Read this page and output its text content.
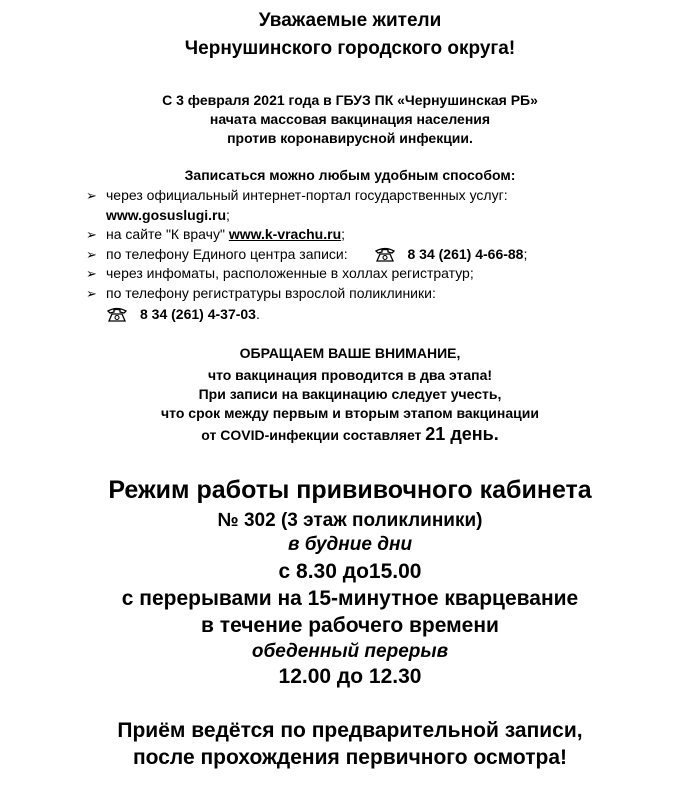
Уважаемые жители
Чернушинского городского округа!
С 3 февраля 2021 года в ГБУЗ ПК «Чернушинская РБ»
начата массовая вакцинация населения
против коронавирусной инфекции.
Записаться можно любым удобным способом:
➢ через официальный интернет-портал государственных услуг:
www.gosuslugi.ru;
➢ на сайте "К врачу" www.k-vrachu.ru;
➢ по телефону Единого центра записи:	8 34 (261) 4-66-88;
➢ через инфоматы, расположенные в холлах регистратур;
➢ по телефону регистратуры взрослой поликлиники:
8 34 (261) 4-37-03.
ОБРАЩАЕМ ВАШЕ ВНИМАНИЕ,
что вакцинация проводится в два этапа!
При записи на вакцинацию следует учесть,
что срок между первым и вторым этапом вакцинации
от COVID-инфекции составляет 21 день.
Режим работы прививочного кабинета
№ 302 (3 этаж поликлиники)
в будние дни
с 8.30 до15.00
с перерывами на 15-минутное кварцевание
в течение рабочего времени
обеденный перерыв
12.00 до 12.30
Приём ведётся по предварительной записи,
после прохождения первичного осмотра!
